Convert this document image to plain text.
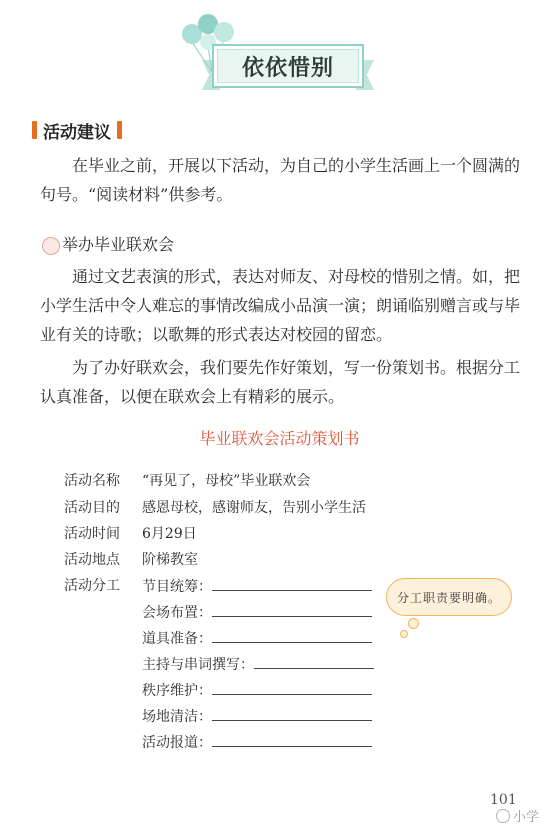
依依惜别
活动建议

在毕业之前，开展以下活动，为自己的小学生活画上一个圆满的句号。“阅读材料”供参考。

举办毕业联欢会

通过文艺表演的形式，表达对师友、对母校的惜别之情。如，把小学生活中令人难忘的事情改编成小品演一演；朗诵临别赠言或与毕业有关的诗歌；以歌舞的形式表达对校园的留恋。

为了办好联欢会，我们要先作好策划，写一份策划书。根据分工认真准备，以便在联欢会上有精彩的展示。

毕业联欢会活动策划书
活动名称 “再见了，母校”毕业联欢会
活动目的 感恩母校，感谢师友，告别小学生活
活动时间 6月29日
活动地点 阶梯教室
活动分工 节目统筹：
会场布置：
道具准备：
主持与串词撰写：
秩序维护：
场地清洁：
活动报道：
分工职责要明确。
101
小学
